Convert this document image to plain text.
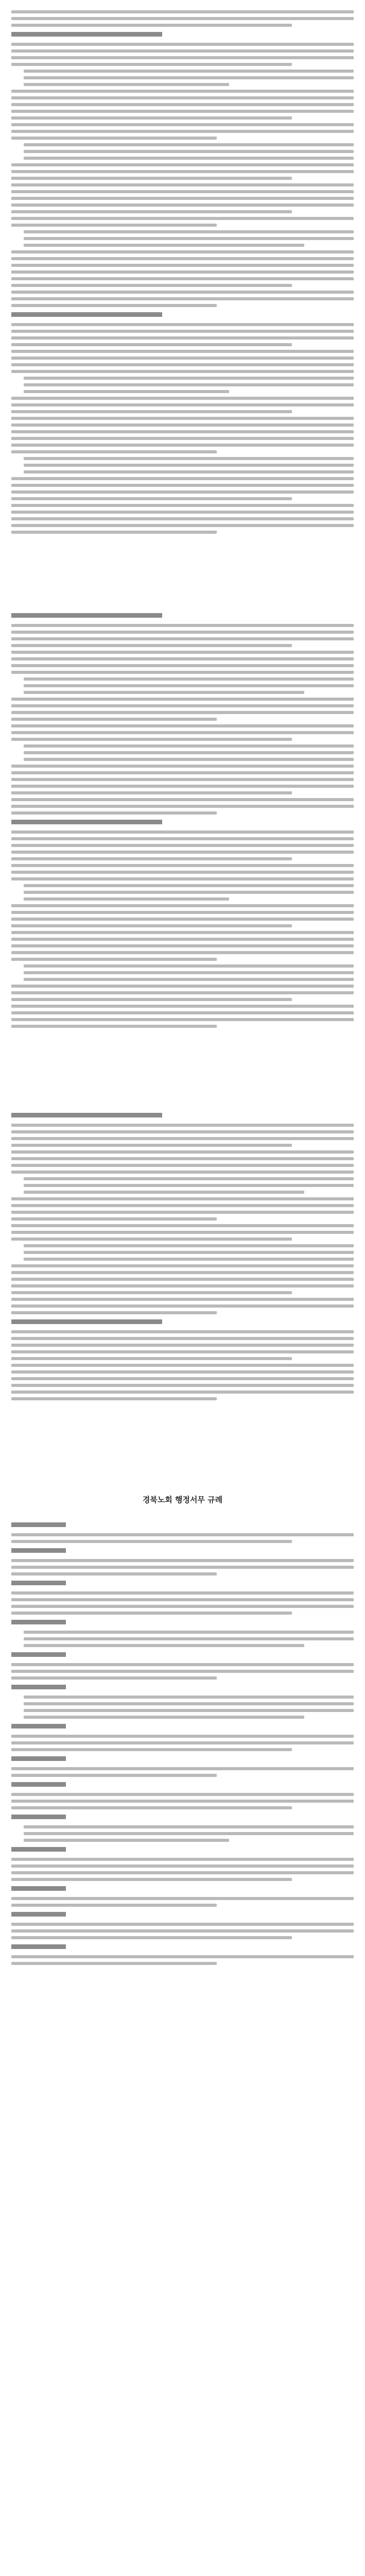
경북노회 행정서무 규례
